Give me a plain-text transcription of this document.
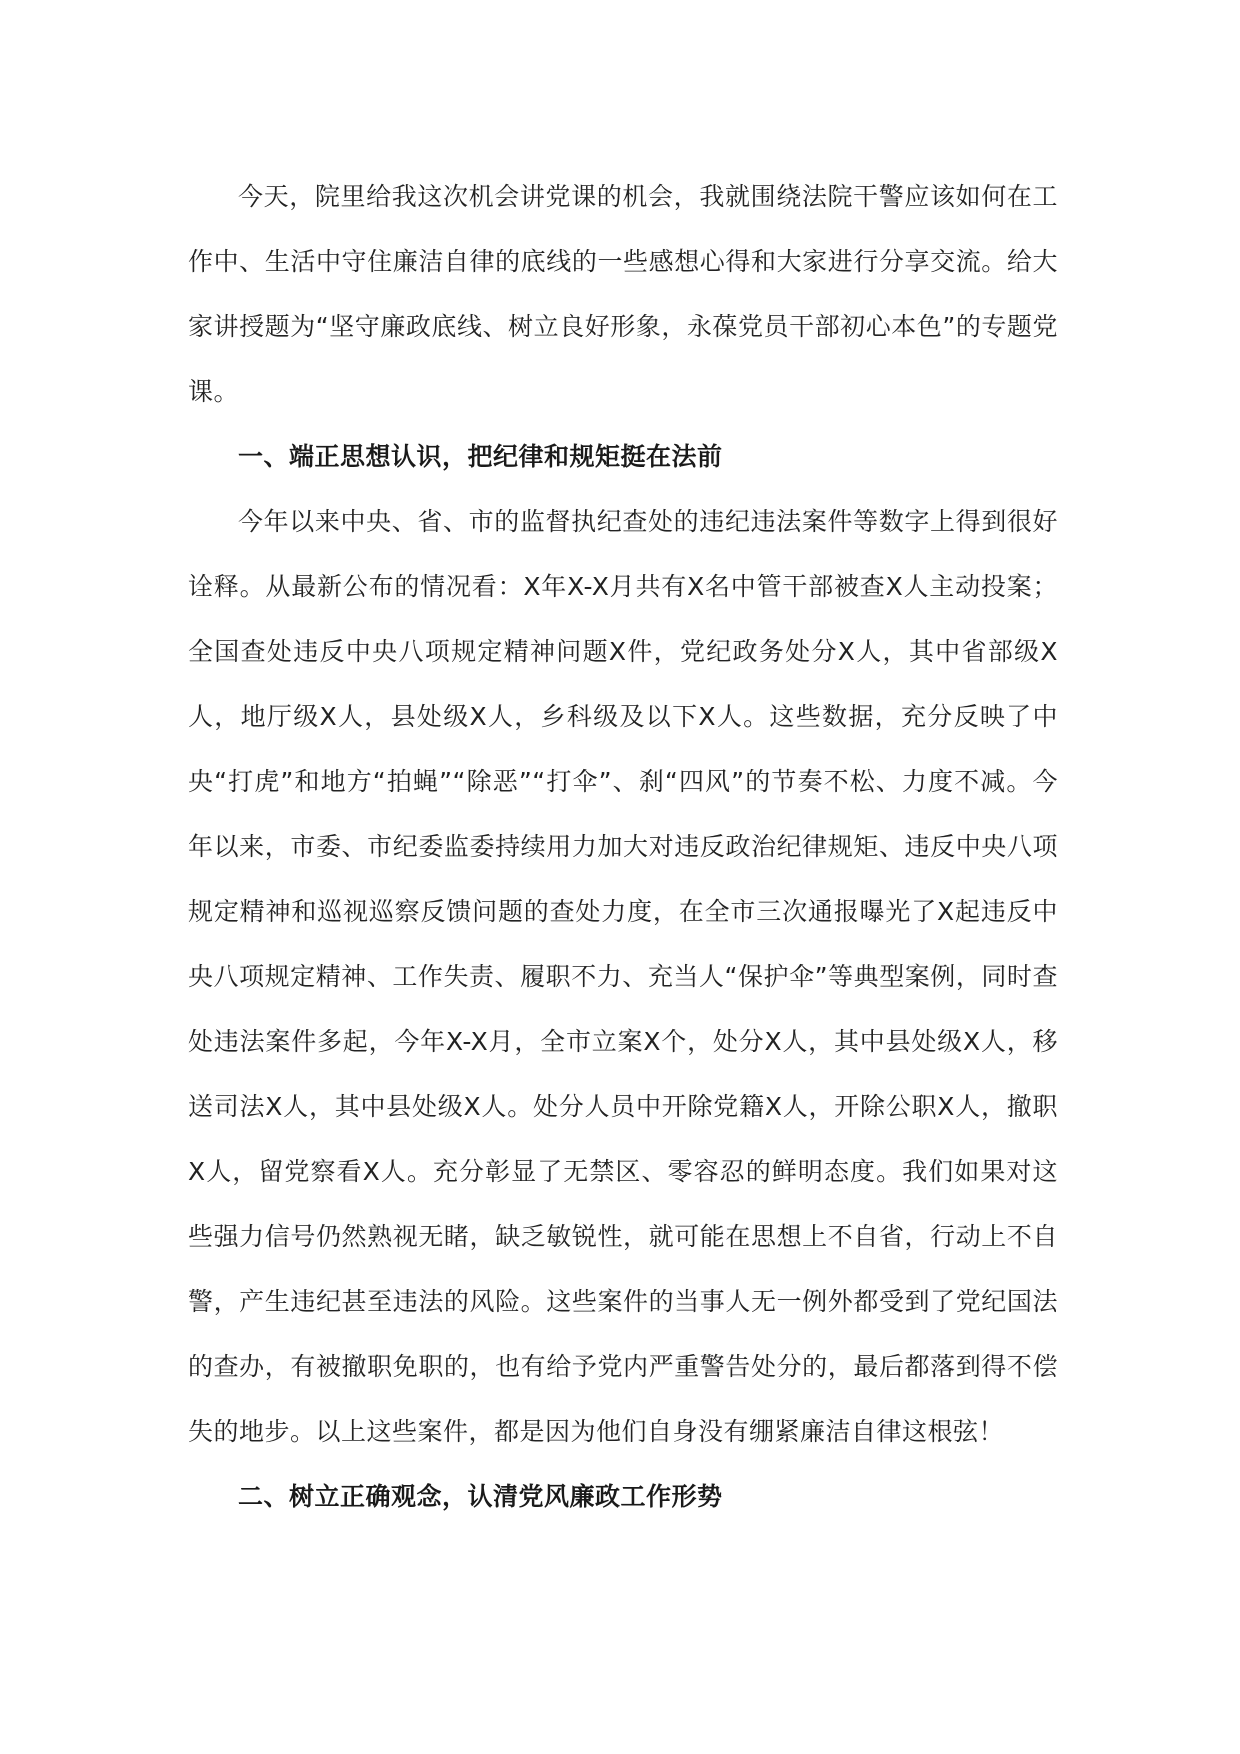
今天，院里给我这次机会讲党课的机会，我就围绕法院干警应该如何在工作中、生活中守住廉洁自律的底线的一些感想心得和大家进行分享交流。给大家讲授题为“坚守廉政底线、树立良好形象，永葆党员干部初心本色”的专题党课。

一、端正思想认识，把纪律和规矩挺在法前

今年以来中央、省、市的监督执纪查处的违纪违法案件等数字上得到很好诠释。从最新公布的情况看：X年X-X月共有X名中管干部被查X人主动投案；全国查处违反中央八项规定精神问题X件，党纪政务处分X人，其中省部级X人，地厅级X人，县处级X人，乡科级及以下X人。这些数据，充分反映了中央“打虎”和地方“拍蝇”“除恶”“打伞”、刹“四风”的节奏不松、力度不减。今年以来，市委、市纪委监委持续用力加大对违反政治纪律规矩、违反中央八项规定精神和巡视巡察反馈问题的查处力度，在全市三次通报曝光了X起违反中央八项规定精神、工作失责、履职不力、充当人“保护伞”等典型案例，同时查处违法案件多起，今年X-X月，全市立案X个，处分X人，其中县处级X人，移送司法X人，其中县处级X人。处分人员中开除党籍X人，开除公职X人，撤职X人，留党察看X人。充分彰显了无禁区、零容忍的鲜明态度。我们如果对这些强力信号仍然熟视无睹，缺乏敏锐性，就可能在思想上不自省，行动上不自警，产生违纪甚至违法的风险。这些案件的当事人无一例外都受到了党纪国法的查办，有被撤职免职的，也有给予党内严重警告处分的，最后都落到得不偿失的地步。以上这些案件，都是因为他们自身没有绷紧廉洁自律这根弦！

二、树立正确观念，认清党风廉政工作形势
